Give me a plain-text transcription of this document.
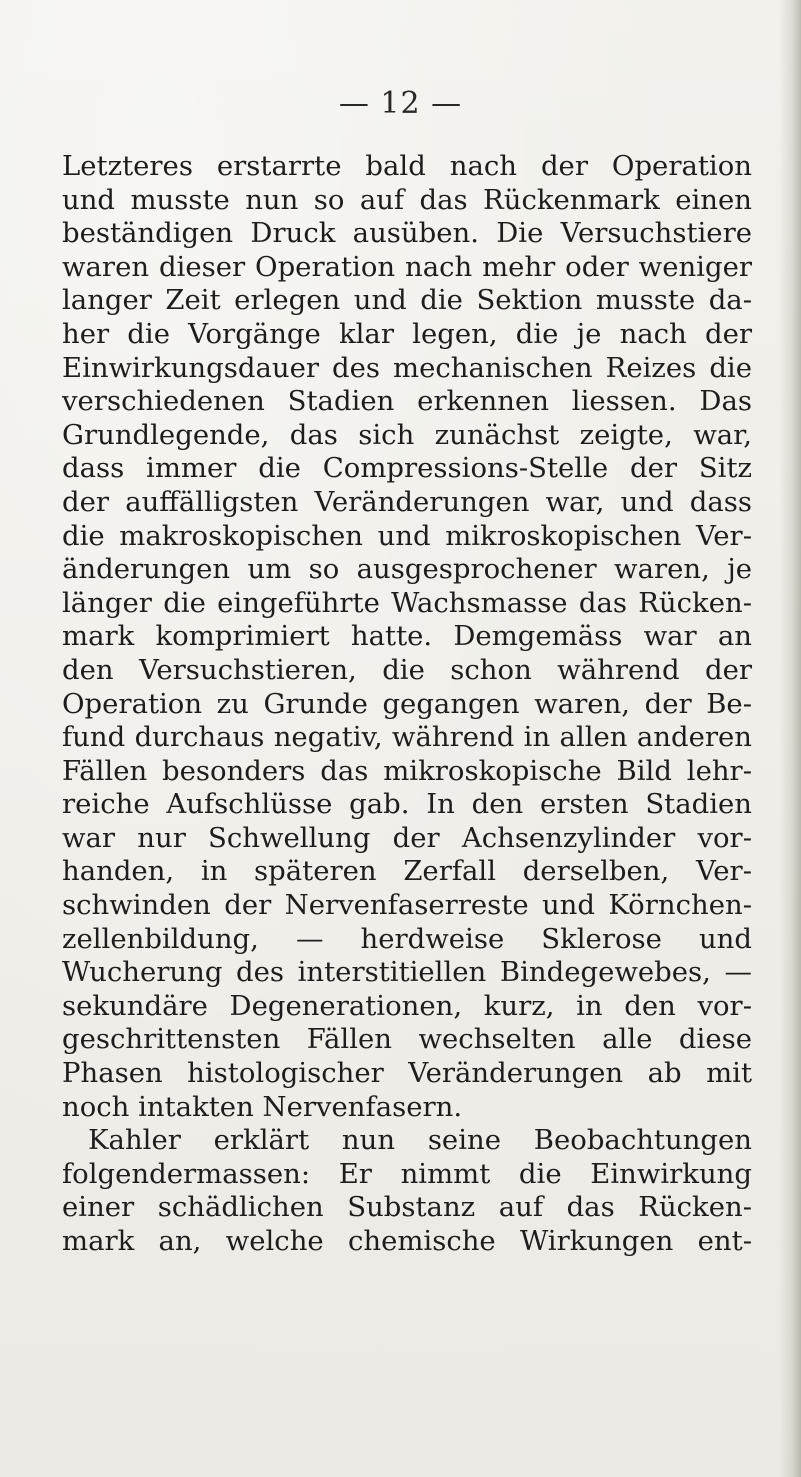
— 12 —

Letzteres erstarrte bald nach der Operation
und musste nun so auf das Rückenmark einen
beständigen Druck ausüben. Die Versuchstiere
waren dieser Operation nach mehr oder weniger
langer Zeit erlegen und die Sektion musste da-
her die Vorgänge klar legen, die je nach der
Einwirkungsdauer des mechanischen Reizes die
verschiedenen Stadien erkennen liessen. Das
Grundlegende, das sich zunächst zeigte, war,
dass immer die Compressions-Stelle der Sitz
der auffälligsten Veränderungen war, und dass
die makroskopischen und mikroskopischen Ver-
änderungen um so ausgesprochener waren, je
länger die eingeführte Wachsmasse das Rücken-
mark komprimiert hatte. Demgemäss war an
den Versuchstieren, die schon während der
Operation zu Grunde gegangen waren, der Be-
fund durchaus negativ, während in allen anderen
Fällen besonders das mikroskopische Bild lehr-
reiche Aufschlüsse gab. In den ersten Stadien
war nur Schwellung der Achsenzylinder vor-
handen, in späteren Zerfall derselben, Ver-
schwinden der Nervenfaserreste und Körnchen-
zellenbildung, — herdweise Sklerose und
Wucherung des interstitiellen Bindegewebes, —
sekundäre Degenerationen, kurz, in den vor-
geschrittensten Fällen wechselten alle diese
Phasen histologischer Veränderungen ab mit
noch intakten Nervenfasern.
Kahler erklärt nun seine Beobachtungen
folgendermassen: Er nimmt die Einwirkung
einer schädlichen Substanz auf das Rücken-
mark an, welche chemische Wirkungen ent-
